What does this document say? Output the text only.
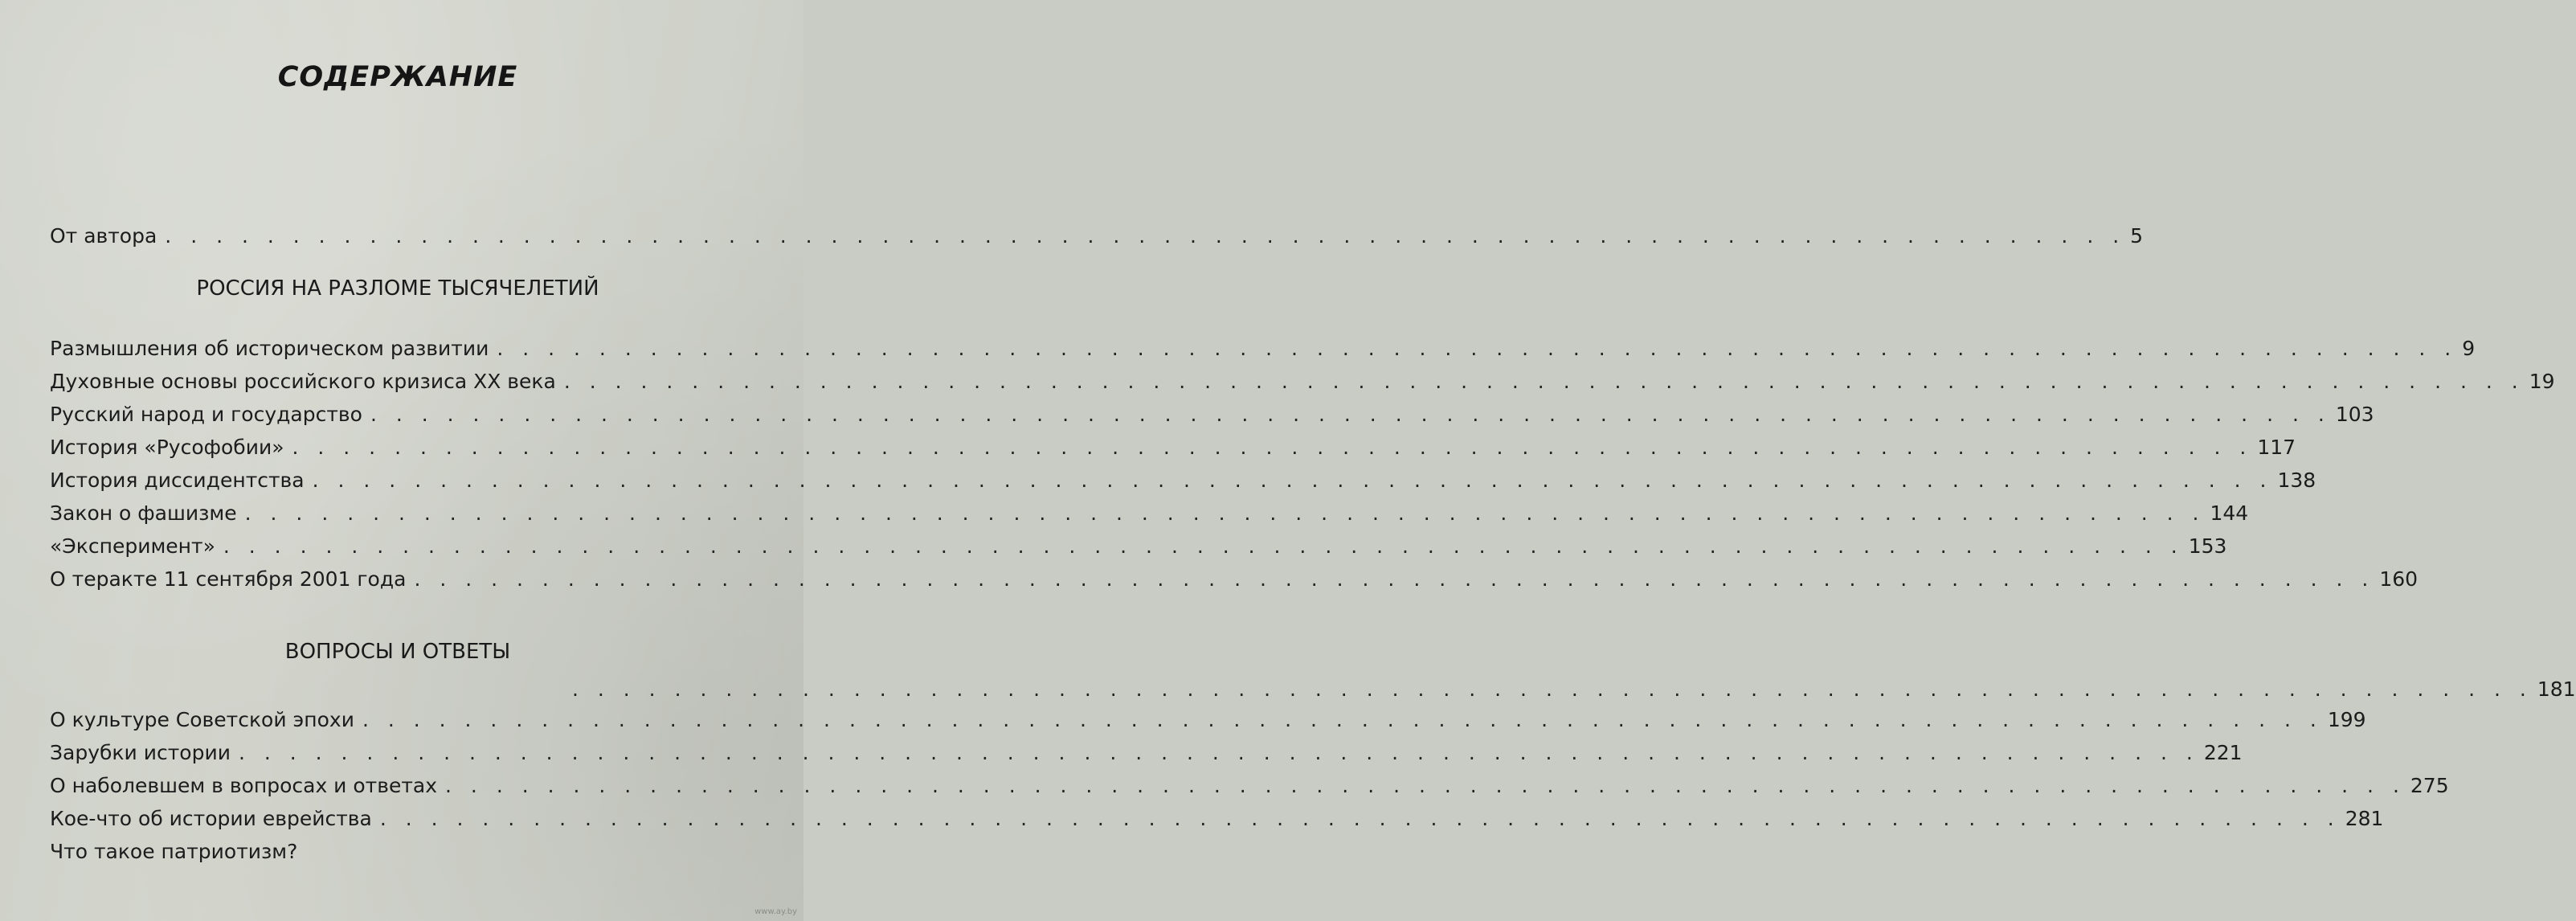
СОДЕРЖАНИЕ
От автора . . . . . . . . . . . . . . . . . . . . . . . . . . . . . . . . . . . . . . . . . . . . . . . . . . . . . . . . . . . . . . . . . . . . . . . . . . . . . 5
РОССИЯ НА РАЗЛОМЕ ТЫСЯЧЕЛЕТИЙ
Размышления об историческом развитии . . . . . . . . . . . . . . . . . . . . . . . . . . . . . . . . . . . . . . . . . . . . . . . . . . . . . . . . . . . . . . . . . . . . . . . . . . . . . 9
Духовные основы российского кризиса XX века . . . . . . . . . . . . . . . . . . . . . . . . . . . . . . . . . . . . . . . . . . . . . . . . . . . . . . . . . . . . . . . . . . . . . . . . . . . . . 19
Русский народ и государство . . . . . . . . . . . . . . . . . . . . . . . . . . . . . . . . . . . . . . . . . . . . . . . . . . . . . . . . . . . . . . . . . . . . . . . . . . . . . 103
История «Русофобии» . . . . . . . . . . . . . . . . . . . . . . . . . . . . . . . . . . . . . . . . . . . . . . . . . . . . . . . . . . . . . . . . . . . . . . . . . . . . . 117
История диссидентства . . . . . . . . . . . . . . . . . . . . . . . . . . . . . . . . . . . . . . . . . . . . . . . . . . . . . . . . . . . . . . . . . . . . . . . . . . . . . 138
Закон о фашизме . . . . . . . . . . . . . . . . . . . . . . . . . . . . . . . . . . . . . . . . . . . . . . . . . . . . . . . . . . . . . . . . . . . . . . . . . . . . . 144
«Эксперимент» . . . . . . . . . . . . . . . . . . . . . . . . . . . . . . . . . . . . . . . . . . . . . . . . . . . . . . . . . . . . . . . . . . . . . . . . . . . . . 153
О теракте 11 сентября 2001 года . . . . . . . . . . . . . . . . . . . . . . . . . . . . . . . . . . . . . . . . . . . . . . . . . . . . . . . . . . . . . . . . . . . . . . . . . . . . . 160
ВОПРОСЫ И ОТВЕТЫ
. . . . . . . . . . . . . . . . . . . . . . . . . . . . . . . . . . . . . . . . . . . . . . . . . . . . . . . . . . . . . . . . . . . . . . . . . . . . . 181
О культуре Советской эпохи . . . . . . . . . . . . . . . . . . . . . . . . . . . . . . . . . . . . . . . . . . . . . . . . . . . . . . . . . . . . . . . . . . . . . . . . . . . . . 199
Зарубки истории . . . . . . . . . . . . . . . . . . . . . . . . . . . . . . . . . . . . . . . . . . . . . . . . . . . . . . . . . . . . . . . . . . . . . . . . . . . . . 221
О наболевшем в вопросах и ответах . . . . . . . . . . . . . . . . . . . . . . . . . . . . . . . . . . . . . . . . . . . . . . . . . . . . . . . . . . . . . . . . . . . . . . . . . . . . . 275
Кое-что об истории еврейства . . . . . . . . . . . . . . . . . . . . . . . . . . . . . . . . . . . . . . . . . . . . . . . . . . . . . . . . . . . . . . . . . . . . . . . . . . . . . 281
Что такое патриотизм?
www.ay.by
